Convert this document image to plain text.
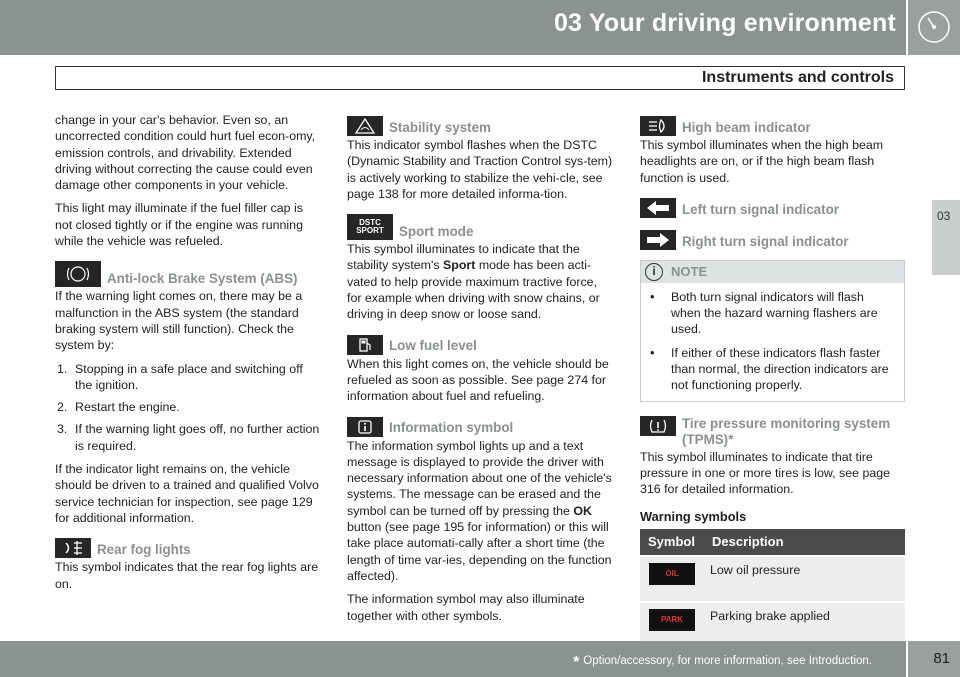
03 Your driving environment
Instruments and controls
03

change in your car's behavior. Even so, an uncorrected condition could hurt fuel econ-omy, emission controls, and drivability. Extended driving without correcting the cause could even damage other components in your vehicle.

This light may illuminate if the fuel filler cap is not closed tightly or if the engine was running while the vehicle was refueled.

Anti-lock Brake System (ABS)

If the warning light comes on, there may be a malfunction in the ABS system (the standard braking system will still function). Check the system by:

1. Stopping in a safe place and switching off the ignition.
2. Restart the engine.
3. If the warning light goes off, no further action is required.

If the indicator light remains on, the vehicle should be driven to a trained and qualified Volvo service technician for inspection, see page 129 for additional information.

Rear fog lights

This symbol indicates that the rear fog lights are on.

Stability system

This indicator symbol flashes when the DSTC (Dynamic Stability and Traction Control sys-tem) is actively working to stabilize the vehi-cle, see page 138 for more detailed informa-tion.

DSTC
SPORT Sport mode

This symbol illuminates to indicate that the stability system's Sport mode has been acti-vated to help provide maximum tractive force, for example when driving with snow chains, or driving in deep snow or loose sand.

Low fuel level

When this light comes on, the vehicle should be refueled as soon as possible. See page 274 for information about fuel and refueling.

Information symbol

The information symbol lights up and a text message is displayed to provide the driver with necessary information about one of the vehicle's systems. The message can be erased and the symbol can be turned off by pressing the OK button (see page 195 for information) or this will take place automati-cally after a short time (the length of time var-ies, depending on the function affected).

The information symbol may also illuminate together with other symbols.

High beam indicator

This symbol illuminates when the high beam headlights are on, or if the high beam flash function is used.

Left turn signal indicator
Right turn signal indicator
i	NOTE
• Both turn signal indicators will flash when the hazard warning flashers are used.
• If either of these indicators flash faster than normal, the direction indicators are not functioning properly.
Tire pressure monitoring system (TPMS)*

This symbol illuminates to indicate that tire pressure in one or more tires is low, see page 316 for detailed information.

Warning symbols
Symbol	Description
OIL	Low oil pressure
PARK	Parking brake applied
* Option/accessory, for more information, see Introduction.	81
